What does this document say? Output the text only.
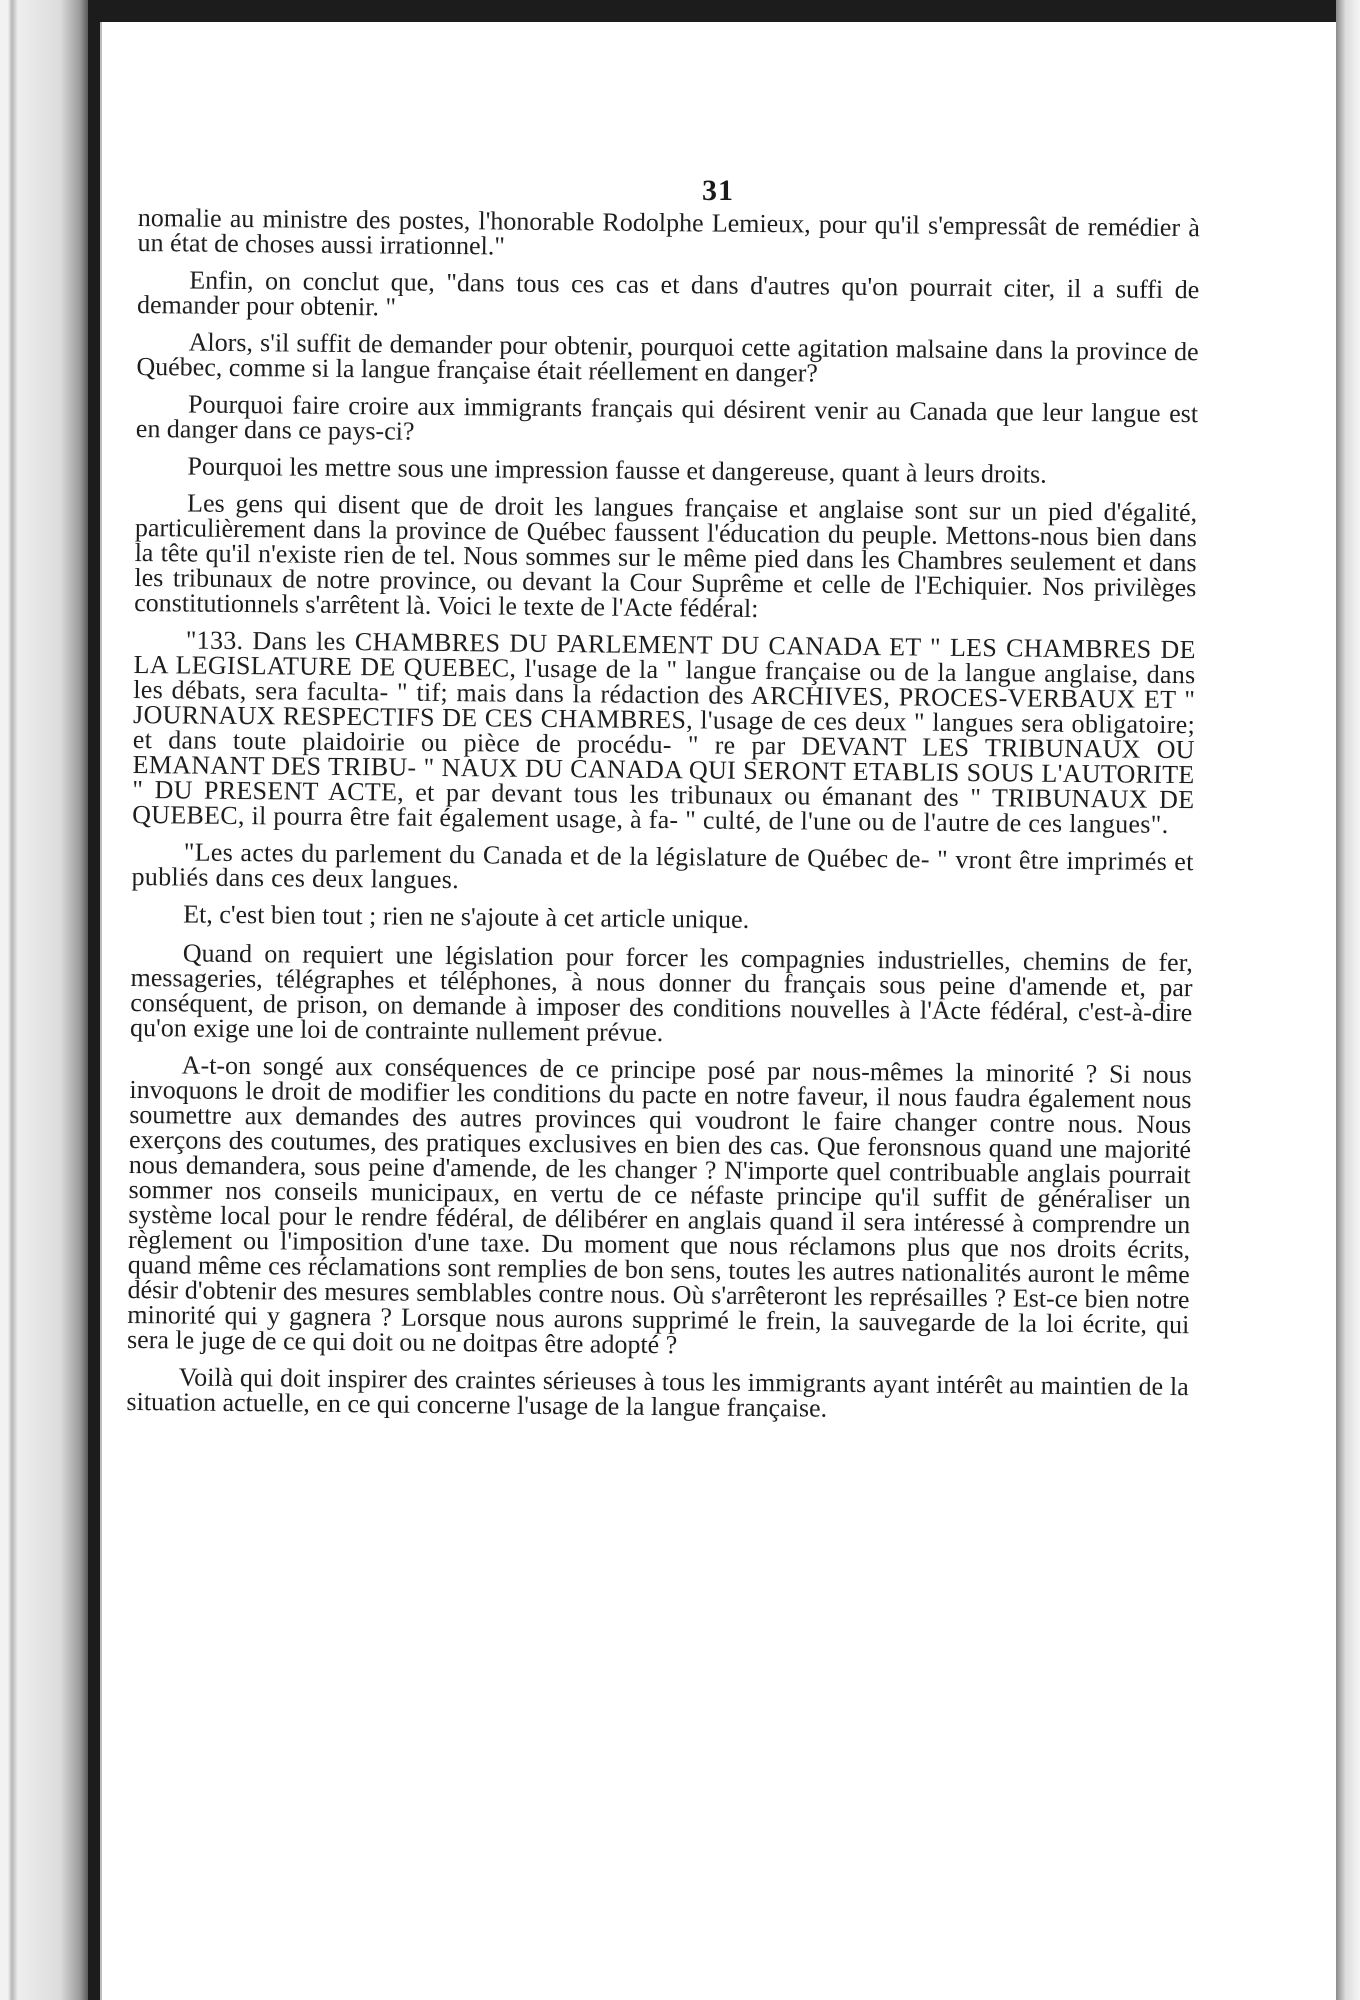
31

nomalie au ministre des postes, l'honorable Rodolphe Lemieux, pour qu'il s'empressât de remédier à un état de choses aussi irrationnel."

Enfin, on conclut que, "dans tous ces cas et dans d'autres qu'on pourrait citer, il a suffi de demander pour obtenir. "

Alors, s'il suffit de demander pour obtenir, pourquoi cette agitation malsaine dans la province de Québec, comme si la langue française était réellement en danger?

Pourquoi faire croire aux immigrants français qui désirent venir au Canada que leur langue est en danger dans ce pays-ci?

Pourquoi les mettre sous une impression fausse et dangereuse, quant à leurs droits.

Les gens qui disent que de droit les langues française et anglaise sont sur un pied d'égalité, particulièrement dans la province de Québec faussent l'éducation du peuple. Mettons-nous bien dans la tête qu'il n'existe rien de tel. Nous sommes sur le même pied dans les Chambres seulement et dans les tribunaux de notre province, ou devant la Cour Suprême et celle de l'Echiquier. Nos privilèges constitutionnels s'arrêtent là. Voici le texte de l'Acte fédéral:

"133. Dans les CHAMBRES DU PARLEMENT DU CANADA ET " LES CHAMBRES DE LA LEGISLATURE DE QUEBEC, l'usage de la " langue française ou de la langue anglaise, dans les débats, sera faculta- " tif; mais dans la rédaction des ARCHIVES, PROCES-VERBAUX ET " JOURNAUX RESPECTIFS DE CES CHAMBRES, l'usage de ces deux " langues sera obligatoire; et dans toute plaidoirie ou pièce de procédu- " re par DEVANT LES TRIBUNAUX OU EMANANT DES TRIBU- " NAUX DU CANADA QUI SERONT ETABLIS SOUS L'AUTORITE " DU PRESENT ACTE, et par devant tous les tribunaux ou émanant des " TRIBUNAUX DE QUEBEC, il pourra être fait également usage, à fa- " culté, de l'une ou de l'autre de ces langues".

"Les actes du parlement du Canada et de la législature de Québec de- " vront être imprimés et publiés dans ces deux langues.

Et, c'est bien tout ; rien ne s'ajoute à cet article unique.

Quand on requiert une législation pour forcer les compagnies industrielles, chemins de fer, messageries, télégraphes et téléphones, à nous donner du français sous peine d'amende et, par conséquent, de prison, on demande à imposer des conditions nouvelles à l'Acte fédéral, c'est-à-dire qu'on exige une loi de contrainte nullement prévue.

A-t-on songé aux conséquences de ce principe posé par nous-mêmes la minorité ? Si nous invoquons le droit de modifier les conditions du pacte en notre faveur, il nous faudra également nous soumettre aux demandes des autres provinces qui voudront le faire changer contre nous. Nous exerçons des coutumes, des pratiques exclusives en bien des cas. Que feronsnous quand une majorité nous demandera, sous peine d'amende, de les changer ? N'importe quel contribuable anglais pourrait sommer nos conseils municipaux, en vertu de ce néfaste principe qu'il suffit de généraliser un système local pour le rendre fédéral, de délibérer en anglais quand il sera intéressé à comprendre un règlement ou l'imposition d'une taxe. Du moment que nous réclamons plus que nos droits écrits, quand même ces réclamations sont remplies de bon sens, toutes les autres nationalités auront le même désir d'obtenir des mesures semblables contre nous. Où s'arrêteront les représailles ? Est-ce bien notre minorité qui y gagnera ? Lorsque nous aurons supprimé le frein, la sauvegarde de la loi écrite, qui sera le juge de ce qui doit ou ne doitpas être adopté ?

Voilà qui doit inspirer des craintes sérieuses à tous les immigrants ayant intérêt au maintien de la situation actuelle, en ce qui concerne l'usage de la langue française.
